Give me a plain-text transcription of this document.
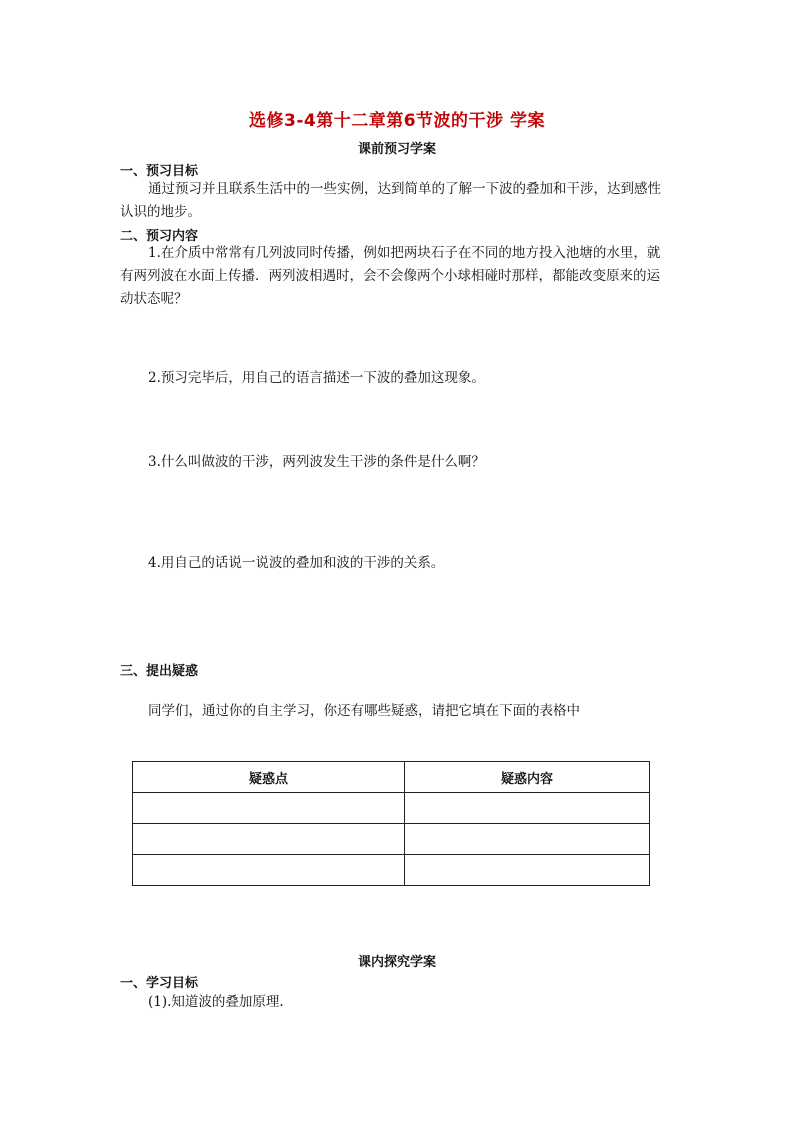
选修3-4第十二章第6节波的干涉 学案
课前预习学案
一、预习目标
通过预习并且联系生活中的一些实例，达到简单的了解一下波的叠加和干涉，达到感性
认识的地步。
二、预习内容
1.在介质中常常有几列波同时传播，例如把两块石子在不同的地方投入池塘的水里，就
有两列波在水面上传播．两列波相遇时，会不会像两个小球相碰时那样，都能改变原来的运
动状态呢？
2.预习完毕后，用自己的语言描述一下波的叠加这现象。
3.什么叫做波的干涉，两列波发生干涉的条件是什么啊？
4.用自己的话说一说波的叠加和波的干涉的关系。
三、提出疑惑
同学们，通过你的自主学习，你还有哪些疑惑，请把它填在下面的表格中
疑惑点	疑惑内容

课内探究学案
一、学习目标
(1).知道波的叠加原理.
